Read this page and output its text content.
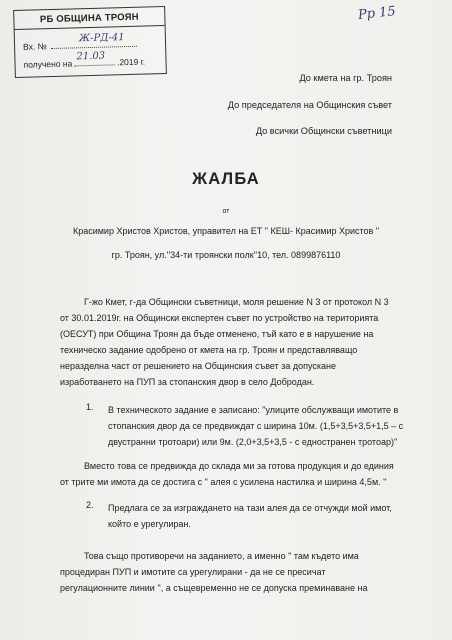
РБ ОБЩИНА ТРОЯН
Вх. №
Ж-РД-41
получено на
21.03 .2019 г.
Рр 15
До кмета на гр. Троян
До председателя на Общинския съвет
До всички Общински съветници
ЖАЛБА
от
Красимир Христов Христов, управител на ЕТ " КЕШ- Красимир Христов "
гр. Троян, ул.''34-ти троянски полк''10, тел. 0899876110
Г-жо Кмет, г-да Общински съветници, моля решение N 3 от протокол N 3
от 30.01.2019г. на Общински експертен съвет по устройство на територията
(ОЕСУТ) при Община Троян да бъде отменено, тъй като е в нарушение на
техническо задание одобрено от кмета на гр. Троян и представляващо
неразделна част от решението на Общинския съвет за допускане
изработването на ПУП за стопанския двор в село Добродан.
1. В техническото задание е записано: "улиците обслужващи имотите в
стопанския двор да се предвиждат с ширина 10м. (1,5+3,5+3,5+1,5 – с
двустранни тротоари) или 9м. (2,0+3,5+3,5 - с едностранен тротоар)''
Вместо това се предвижда до склада ми за готова продукция и до единия
от трите ми имота да се достига с " алея с усилена настилка и ширина 4,5м. ''
2. Предлага се за изграждането на тази алея да се отчужди мой имот,
който е урегулиран.
Това също противоречи на заданието, а именно " там където има
процедиран ПУП и имотите са урегулирани - да не се пресичат
регулационните линии '', а същевременно не се допуска преминаване на
